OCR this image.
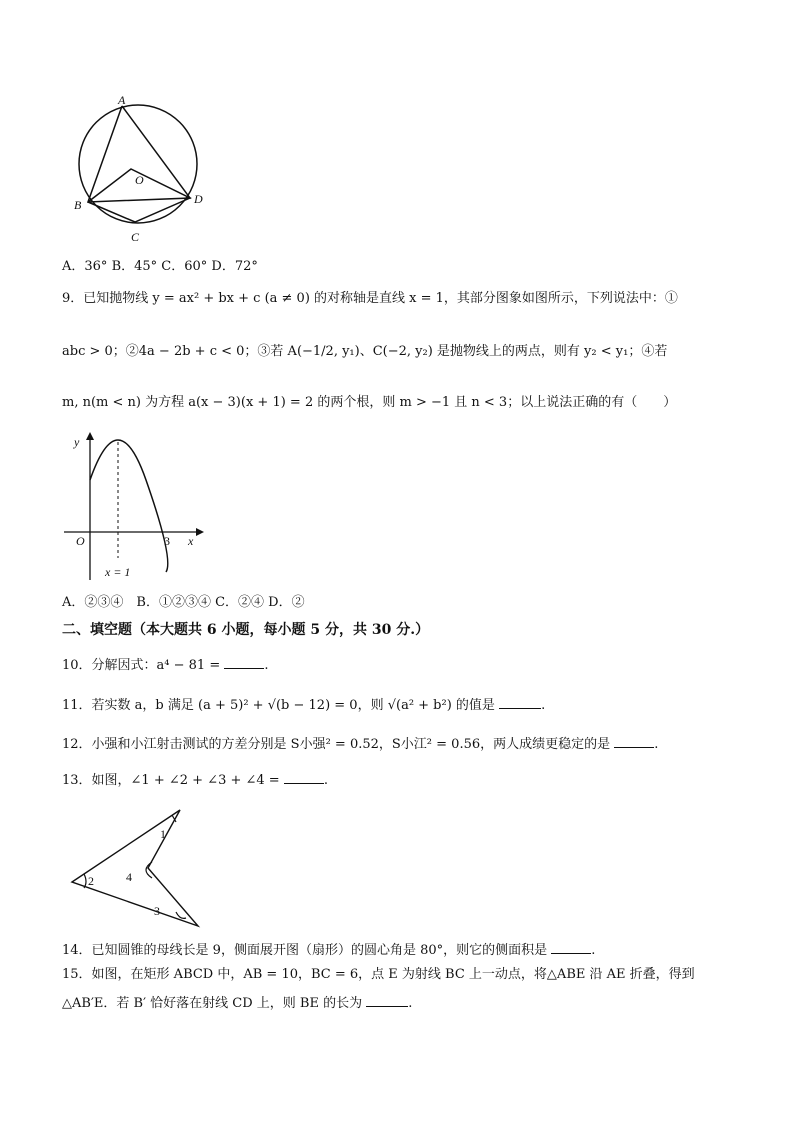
A
O
B	D
C
A．36° B．45° C．60° D．72°
9．已知抛物线 y = ax² + bx + c (a ≠ 0) 的对称轴是直线 x = 1，其部分图象如图所示，下列说法中：①
abc > 0；②4a − 2b + c < 0；③若 A(−1/2, y₁)、C(−2, y₂) 是抛物线上的两点，则有 y₂ < y₁；④若
m, n(m < n) 为方程 a(x − 3)(x + 1) = 2 的两个根，则 m > −1 且 n < 3；以上说法正确的有（　　）
y
x
O	3
x = 1
A．②③④　B．①②③④ C．②④ D．②
二、填空题（本大题共 6 小题，每小题 5 分，共 30 分.）
10．分解因式：a⁴ − 81 =	.
11．若实数 a，b 满足 (a + 5)² + √(b − 12) = 0，则 √(a² + b²) 的值是	.
12．小强和小江射击测试的方差分别是 S小强² = 0.52，S小江² = 0.56，两人成绩更稳定的是	.
13．如图，∠1 + ∠2 + ∠3 + ∠4 =	.
1
2	4
3
14．已知圆锥的母线长是 9，侧面展开图（扇形）的圆心角是 80°，则它的侧面积是	.
15．如图，在矩形 ABCD 中，AB = 10，BC = 6，点 E 为射线 BC 上一动点，将△ABE 沿 AE 折叠，得到
△AB′E．若 B′ 恰好落在射线 CD 上，则 BE 的长为	.
